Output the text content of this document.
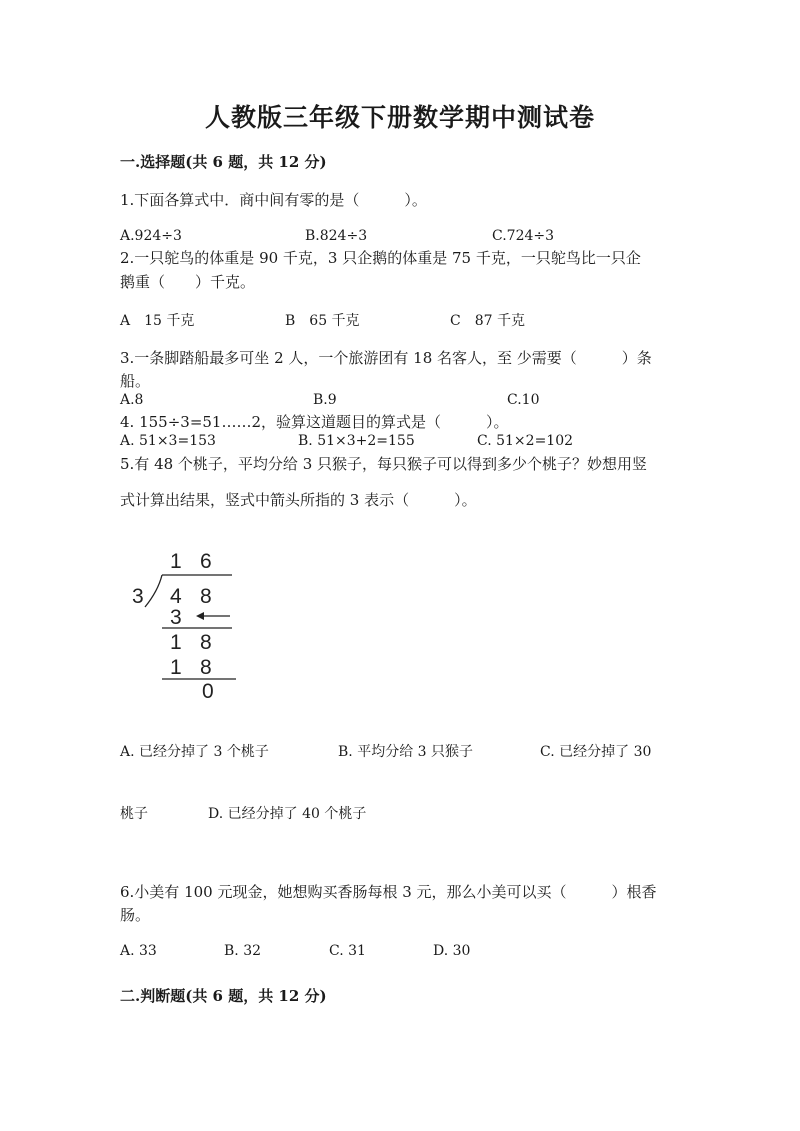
人教版三年级下册数学期中测试卷
一.选择题(共 6 题，共 12 分)
1.下面各算式中．商中间有零的是（　　　）。
A.924÷3	B.824÷3	C.724÷3
2.一只鸵鸟的体重是 90 千克，3 只企鹅的体重是 75 千克，一只鸵鸟比一只企
鹅重（　　）千克。
A　15 千克	B　65 千克	C　87 千克
3.一条脚踏船最多可坐 2 人，一个旅游团有 18 名客人，至 少需要（　　　）条
船。
A.8	B.9	C.10
4. 155÷3=51……2，验算这道题目的算式是（　　　）。
A. 51×3=153	B. 51×3+2=155	C. 51×2=102
5.有 48 个桃子，平均分给 3 只猴子，每只猴子可以得到多少个桃子？妙想用竖
式计算出结果，竖式中箭头所指的 3 表示（　　　）。
1 6
3 4 8
3
1 8
1 8
0
A. 已经分掉了 3 个桃子	B. 平均分给 3 只猴子	C. 已经分掉了 30
桃子	D. 已经分掉了 40 个桃子
6.小美有 100 元现金，她想购买香肠每根 3 元，那么小美可以买（　　　）根香
肠。
A. 33	B. 32	C. 31	D. 30
二.判断题(共 6 题，共 12 分)
